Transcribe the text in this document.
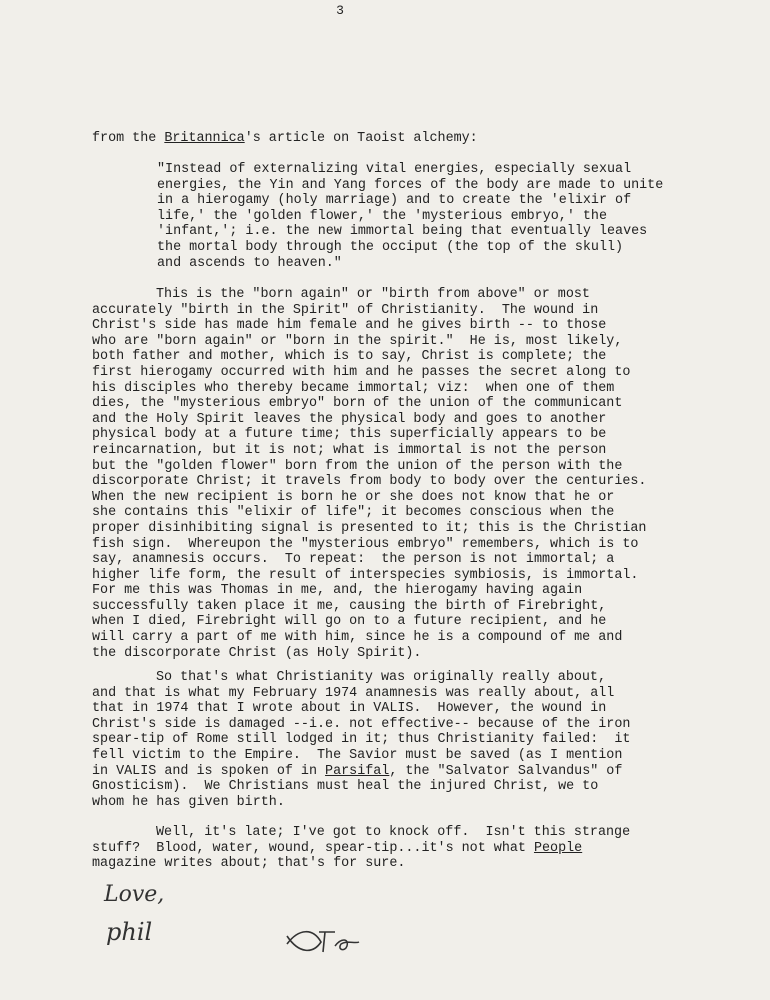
3
from the Britannica's article on Taoist alchemy:
"Instead of externalizing vital energies, especially sexual
energies, the Yin and Yang forces of the body are made to unite
in a hierogamy (holy marriage) and to create the 'elixir of
life,' the 'golden flower,' the 'mysterious embryo,' the
'infant,'; i.e. the new immortal being that eventually leaves
the mortal body through the occiput (the top of the skull)
and ascends to heaven."
This is the "born again" or "birth from above" or most
accurately "birth in the Spirit" of Christianity.  The wound in
Christ's side has made him female and he gives birth -- to those
who are "born again" or "born in the spirit."  He is, most likely,
both father and mother, which is to say, Christ is complete; the
first hierogamy occurred with him and he passes the secret along to
his disciples who thereby became immortal; viz:  when one of them
dies, the "mysterious embryo" born of the union of the communicant
and the Holy Spirit leaves the physical body and goes to another
physical body at a future time; this superficially appears to be
reincarnation, but it is not; what is immortal is not the person
but the "golden flower" born from the union of the person with the
discorporate Christ; it travels from body to body over the centuries.
When the new recipient is born he or she does not know that he or
she contains this "elixir of life"; it becomes conscious when the
proper disinhibiting signal is presented to it; this is the Christian
fish sign.  Whereupon the "mysterious embryo" remembers, which is to
say, anamnesis occurs.  To repeat:  the person is not immortal; a
higher life form, the result of interspecies symbiosis, is immortal.
For me this was Thomas in me, and, the hierogamy having again
successfully taken place it me, causing the birth of Firebright,
when I died, Firebright will go on to a future recipient, and he
will carry a part of me with him, since he is a compound of me and
the discorporate Christ (as Holy Spirit).
So that's what Christianity was originally really about,
and that is what my February 1974 anamnesis was really about, all
that in 1974 that I wrote about in VALIS.  However, the wound in
Christ's side is damaged --i.e. not effective-- because of the iron
spear-tip of Rome still lodged in it; thus Christianity failed:  it
fell victim to the Empire.  The Savior must be saved (as I mention
in VALIS and is spoken of in Parsifal, the "Salvator Salvandus" of
Gnosticism).  We Christians must heal the injured Christ, we to
whom he has given birth.
Well, it's late; I've got to knock off.  Isn't this strange
stuff?  Blood, water, wound, spear-tip...it's not what People
magazine writes about; that's for sure.
Love,
phil
